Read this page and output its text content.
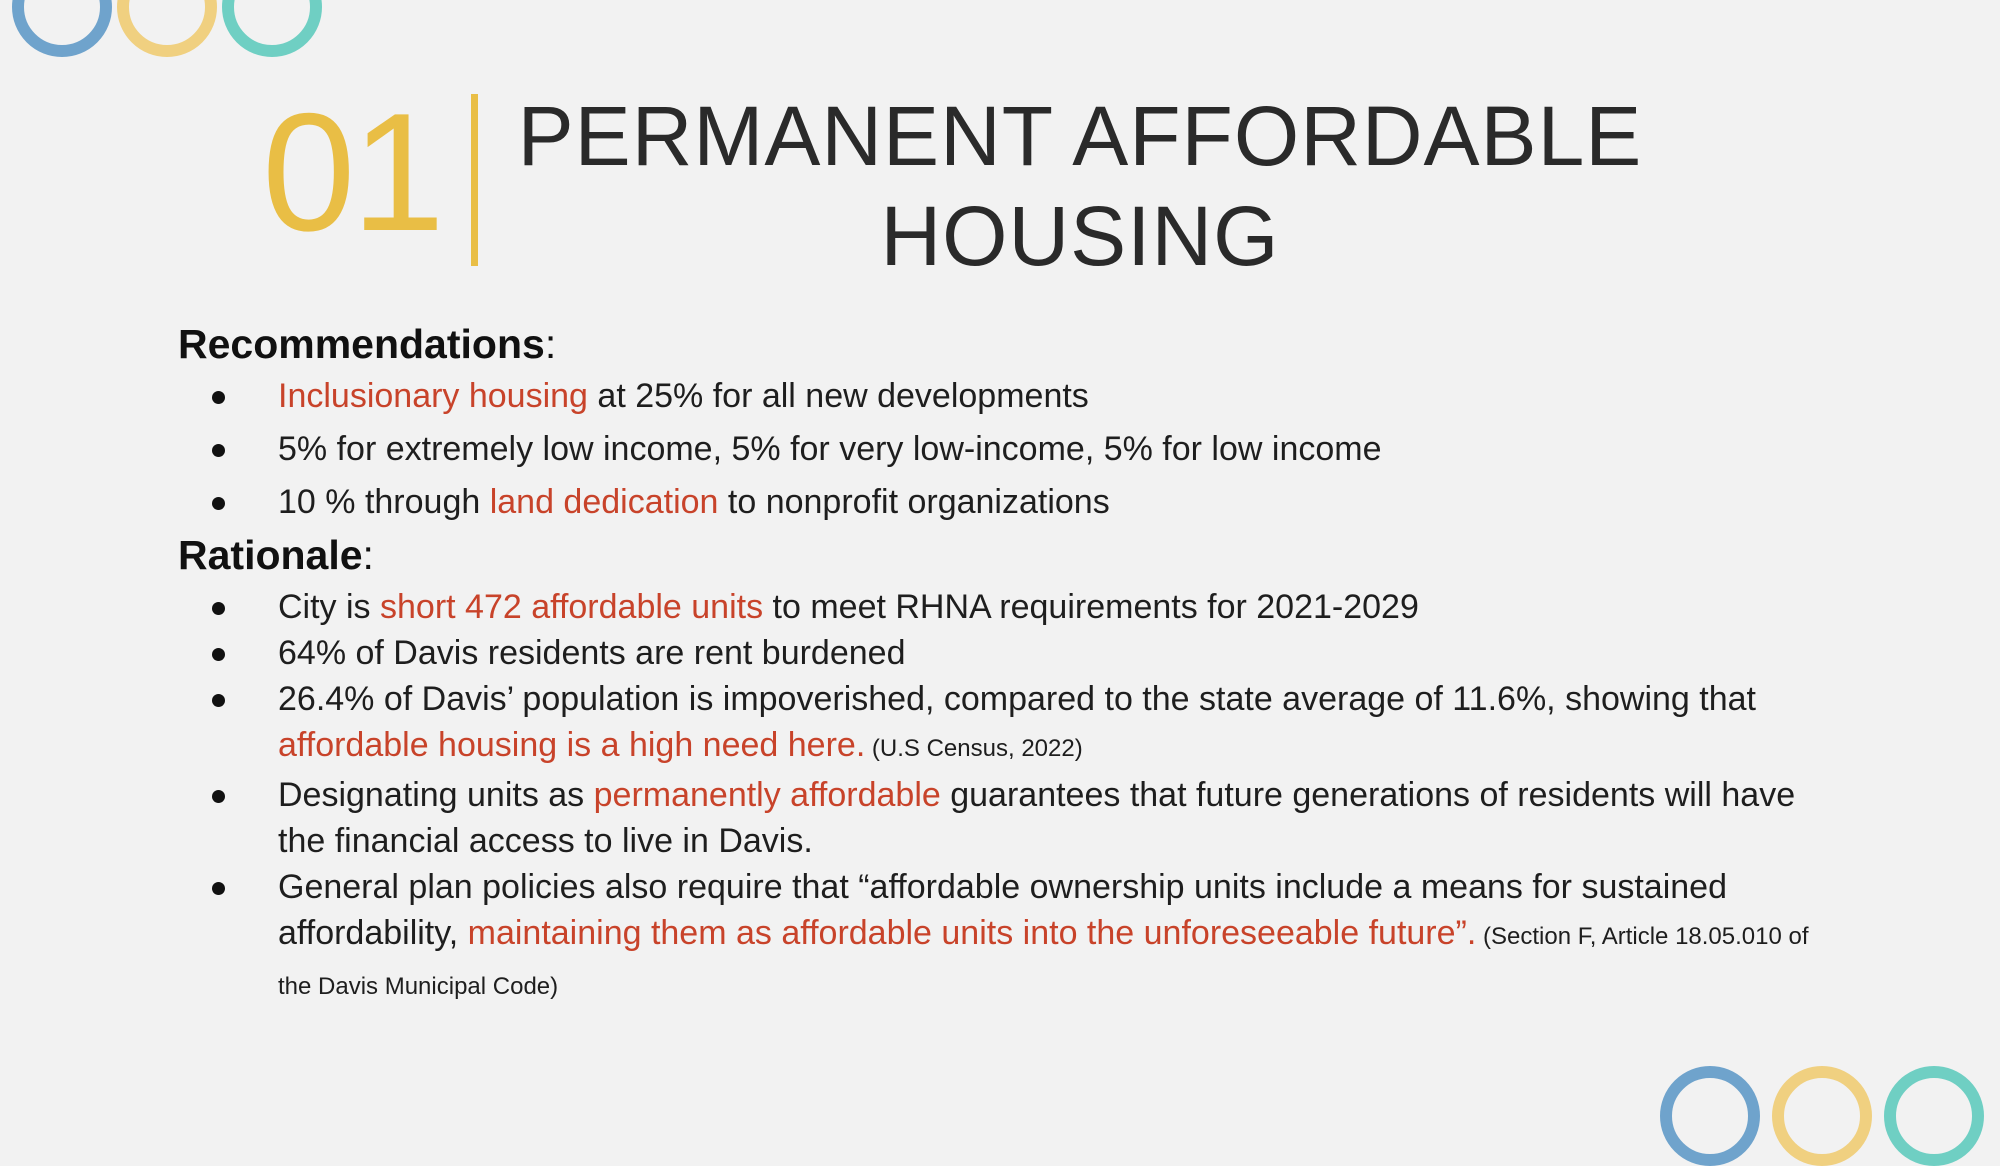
01 PERMANENT AFFORDABLE
HOUSING
Recommendations:
Inclusionary housing at 25% for all new developments
5% for extremely low income, 5% for very low-income, 5% for low income
10 % through land dedication to nonprofit organizations
Rationale:
City is short 472 affordable units to meet RHNA requirements for 2021-2029
64% of Davis residents are rent burdened
26.4% of Davis’ population is impoverished, compared to the state average of 11.6%, showing that affordable housing is a high need here. (U.S Census, 2022)
Designating units as permanently affordable guarantees that future generations of residents will have the financial access to live in Davis.
General plan policies also require that “affordable ownership units include a means for sustained affordability, maintaining them as affordable units into the unforeseeable future”. (Section F, Article 18.05.010 of the Davis Municipal Code)
